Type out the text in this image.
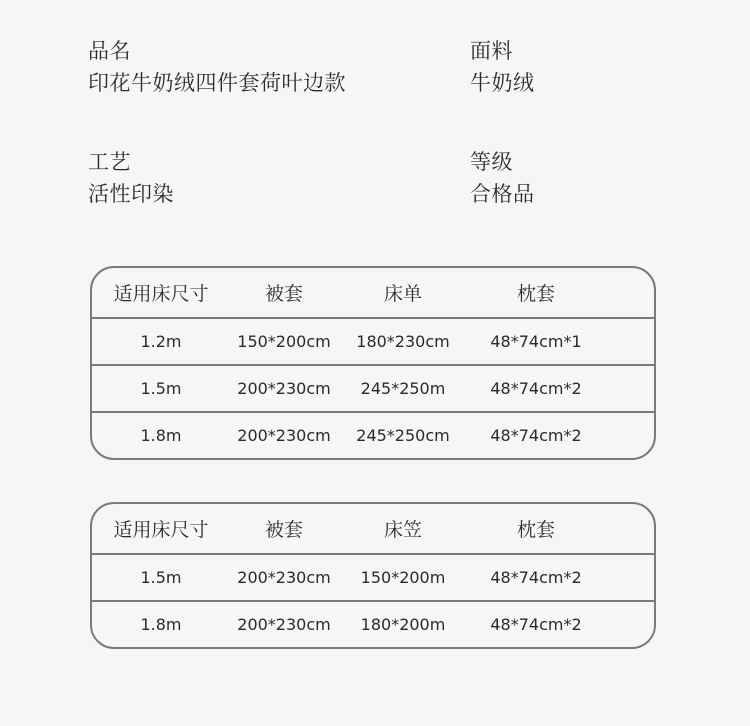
品名
印花牛奶绒四件套荷叶边款
面料
牛奶绒
工艺
活性印染
等级
合格品
适用床尺寸	被套	床单	枕套
1.2m	150*200cm	180*230cm	48*74cm*1
1.5m	200*230cm	245*250m	48*74cm*2
1.8m	200*230cm	245*250cm	48*74cm*2
适用床尺寸	被套	床笠	枕套
1.5m	200*230cm	150*200m	48*74cm*2
1.8m	200*230cm	180*200m	48*74cm*2
